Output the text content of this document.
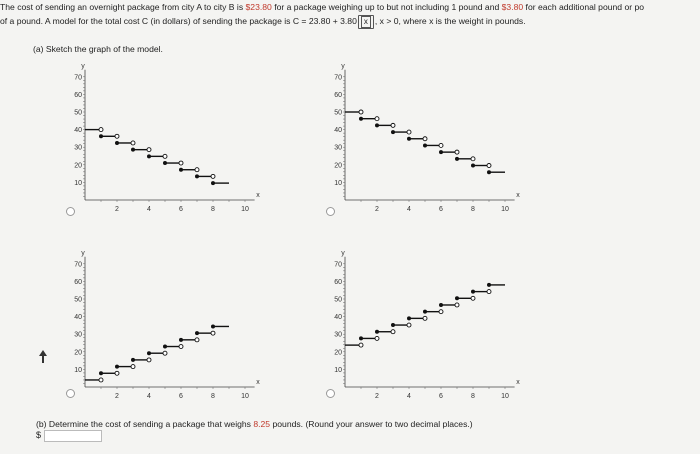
The cost of sending an overnight package from city A to city B is $23.80 for a package weighing up to but not including 1 pound and $3.80 for each additional pound or po
of a pound. A model for the total cost C (in dollars) of sending the package is C = 23.80 + 3.80 x , x > 0, where x is the weight in pounds.
(a) Sketch the graph of the model.
2	4	6	8	10
10
20
30
40
50
60
70
x
y
2	4	6	8	10
10
20
30
40
50
60
70
x
y
2	4	6	8	10
10
20
30
40
50
60
70
x
y
2	4	6	8	10
10
20
30
40
50
60
70
x
y
(b) Determine the cost of sending a package that weighs 8.25 pounds. (Round your answer to two decimal places.)
$
